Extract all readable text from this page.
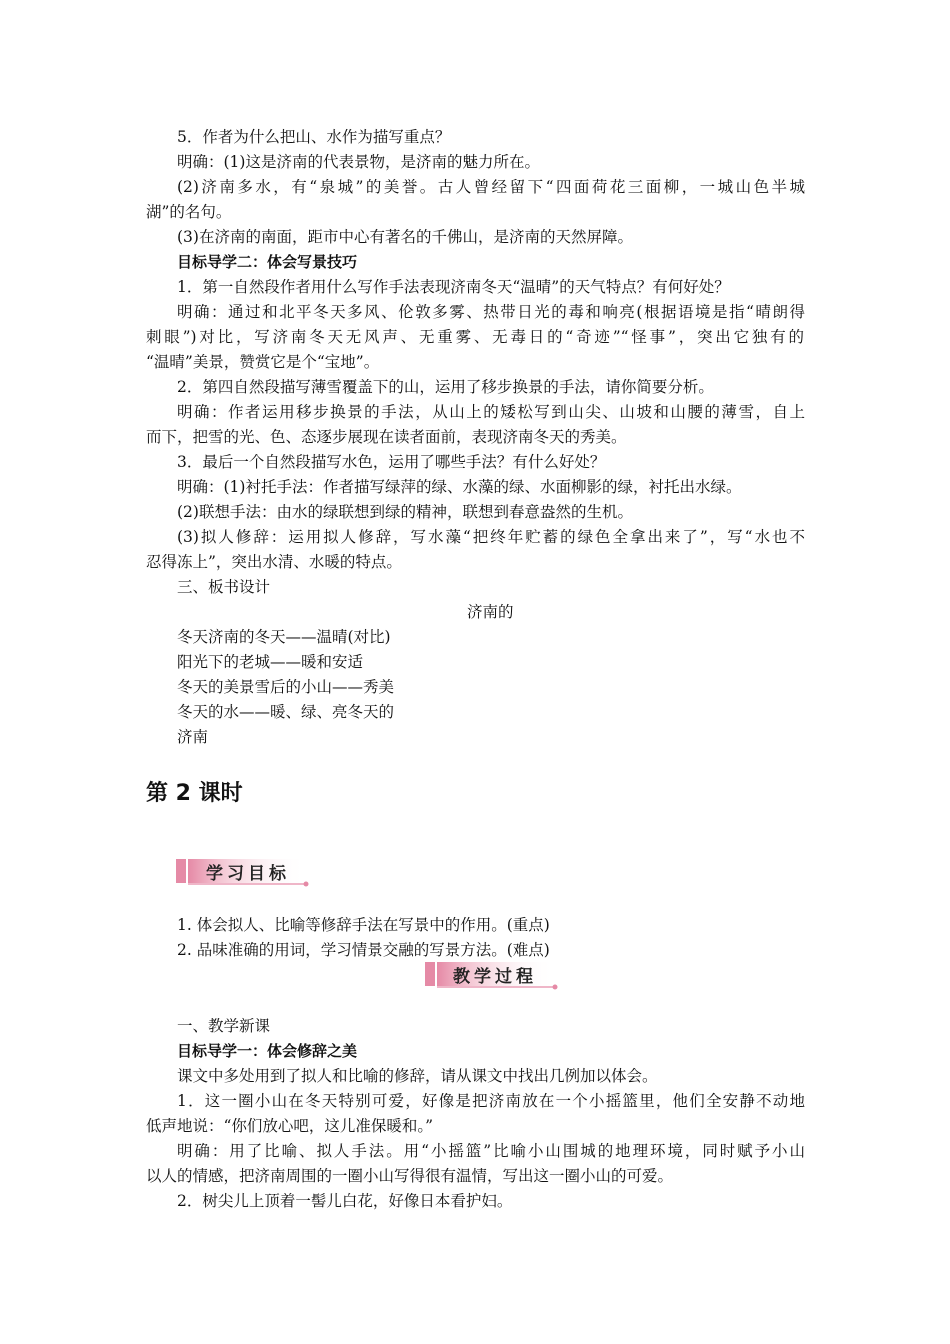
5．作者为什么把山、水作为描写重点？
明确：(1)这是济南的代表景物，是济南的魅力所在。
(2)济南多水，有“泉城”的美誉。古人曾经留下“四面荷花三面柳，一城山色半城
湖”的名句。
(3)在济南的南面，距市中心有著名的千佛山，是济南的天然屏障。
目标导学二：体会写景技巧
1．第一自然段作者用什么写作手法表现济南冬天“温晴”的天气特点？有何好处？
明确：通过和北平冬天多风、伦敦多雾、热带日光的毒和响亮(根据语境是指“晴朗得
刺眼”)对比，写济南冬天无风声、无重雾、无毒日的“奇迹”“怪事”，突出它独有的
“温晴”美景，赞赏它是个“宝地”。
2．第四自然段描写薄雪覆盖下的山，运用了移步换景的手法，请你简要分析。
明确：作者运用移步换景的手法，从山上的矮松写到山尖、山坡和山腰的薄雪，自上
而下，把雪的光、色、态逐步展现在读者面前，表现济南冬天的秀美。
3．最后一个自然段描写水色，运用了哪些手法？有什么好处？
明确：(1)衬托手法：作者描写绿萍的绿、水藻的绿、水面柳影的绿，衬托出水绿。
(2)联想手法：由水的绿联想到绿的精神，联想到春意盎然的生机。
(3)拟人修辞：运用拟人修辞，写水藻“把终年贮蓄的绿色全拿出来了”，写“水也不
忍得冻上”，突出水清、水暖的特点。
三、板书设计
济南的
冬天济南的冬天——温晴(对比)
阳光下的老城——暖和安适
冬天的美景雪后的小山——秀美
冬天的水——暖、绿、亮冬天的
济南
第 2 课时
学习目标
1. 体会拟人、比喻等修辞手法在写景中的作用。(重点)
2. 品味准确的用词，学习情景交融的写景方法。(难点)
教学过程
一、教学新课
目标导学一：体会修辞之美
课文中多处用到了拟人和比喻的修辞，请从课文中找出几例加以体会。
1．这一圈小山在冬天特别可爱，好像是把济南放在一个小摇篮里，他们全安静不动地
低声地说：“你们放心吧，这儿准保暖和。”
明确：用了比喻、拟人手法。用“小摇篮”比喻小山围城的地理环境，同时赋予小山
以人的情感，把济南周围的一圈小山写得很有温情，写出这一圈小山的可爱。
2．树尖儿上顶着一髻儿白花，好像日本看护妇。
